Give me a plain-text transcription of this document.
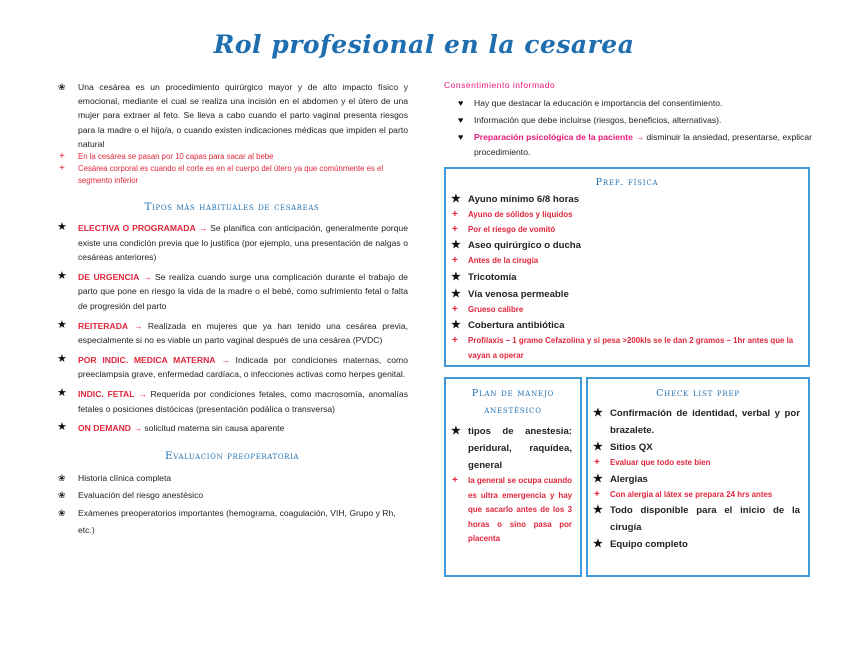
Rol profesional en la cesarea
❀ Una cesárea es un procedimiento quirúrgico mayor y de alto impacto físico y emocional, mediante el cual se realiza una incisión en el abdomen y el útero de una mujer para extraer al feto. Se lleva a cabo cuando el parto vaginal presenta riesgos para la madre o el hijo/a, o cuando existen indicaciones médicas que impiden el parto natural
+ En la cesárea se pasan por 10 capas para sacar al bebe
+ Cesárea corporal es cuando el corte es en el cuerpo del útero ya que comúnmente es el segmento inferior
Tipos más habituales de cesareas
★ ELECTIVA O PROGRAMADA → Se planifica con anticipación, generalmente porque existe una condición previa que lo justifica (por ejemplo, una presentación de nalgas o cesáreas anteriores)
★ DE URGENCIA → Se realiza cuando surge una complicación durante el trabajo de parto que pone en riesgo la vida de la madre o el bebé, como sufrimiento fetal o falta de progresión del parto
★ REITERADA → Realizada en mujeres que ya han tenido una cesárea previa, especialmente si no es viable un parto vaginal después de una cesárea (PVDC)
★ POR INDIC. MEDICA MATERNA → Indicada por condiciones maternas, como preeclampsia grave, enfermedad cardíaca, o infecciones activas como herpes genital.
★ INDIC. FETAL → Requerida por condiciones fetales, como macrosomía, anomalías fetales o posiciones distócicas (presentación podálica o transversa)
★ ON DEMAND → solicitud materna sin causa aparente
Evaluación preoperatoria
❀ Historia clínica completa
❀ Evaluación del riesgo anestésico
❀ Exámenes preoperatorios importantes (hemograma, coagulación, VIH, Grupo y Rh, etc.)
Consentimiento informado
♥ Hay que destacar la educación e importancia del consentimiento.
♥ Información que debe incluirse (riesgos, beneficios, alternativas).
♥ Preparación psicológica de la paciente → disminuir la ansiedad, presentarse, explicar procedimiento.
Prep. física
★ Ayuno mínimo 6/8 horas
+ Ayuno de sólidos y líquidos
+ Por el riesgo de vomitó
★ Aseo quirúrgico o ducha
+ Antes de la cirugía
★ Tricotomía
★ Vía venosa permeable
+ Grueso calibre
★ Cobertura antibiótica
+ Profilaxis – 1 gramo Cefazolina y si pesa >200kls se le dan 2 gramos – 1hr antes que la vayan a operar
Plan de manejo anestésico
★ tipos de anestesia: peridural, raquídea, general
+ la general se ocupa cuando es ultra emergencia y hay que sacarlo antes de los 3 horas o sino pasa por placenta
Check list prep
★ Confirmación de identidad, verbal y por brazalete.
★ Sitios QX
+ Evaluar que todo este bien
★ Alergias
+ Con alergia al látex se prepara 24 hrs antes
★ Todo disponible para el inicio de la cirugía
★ Equipo completo
